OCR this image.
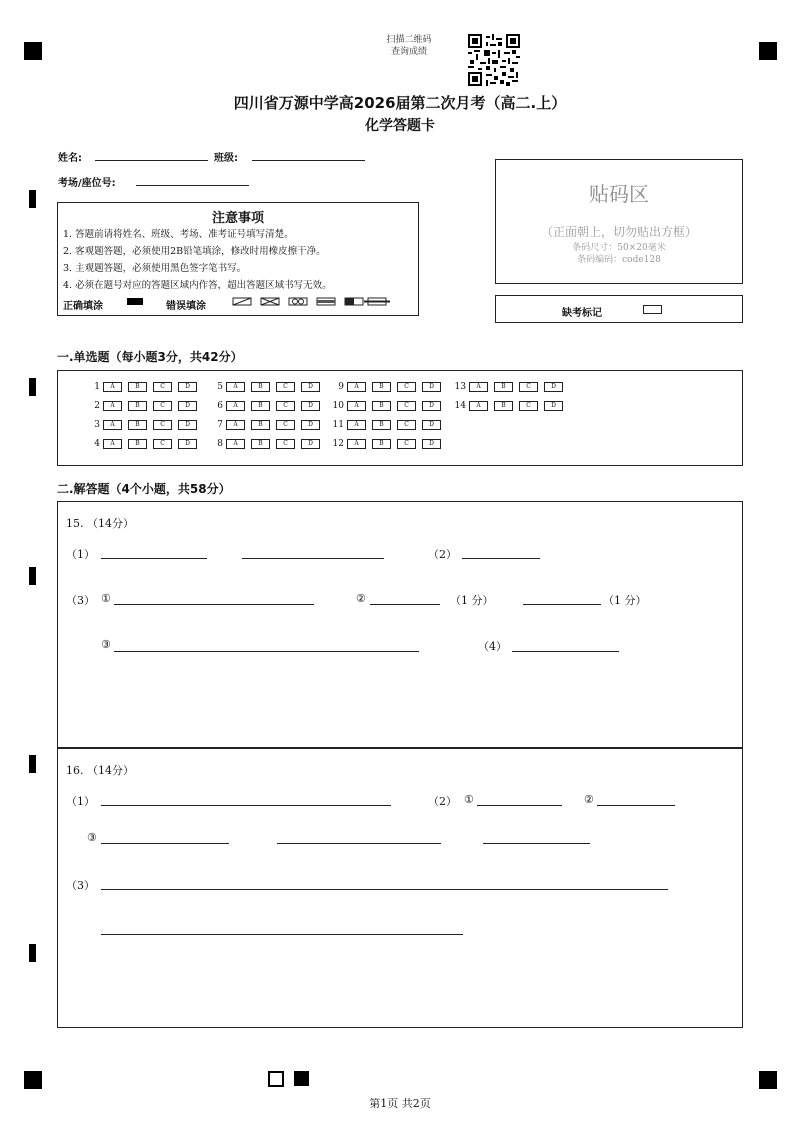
扫描二维码
查询成绩
四川省万源中学高2026届第二次月考（高二.上）
化学答题卡
姓名:	班级:
考场/座位号:
注意事项
1. 答题前请将姓名、班级、考场、准考证号填写清楚。
2. 客观题答题，必须使用2B铅笔填涂，修改时用橡皮擦干净。
3. 主观题答题，必须使用黑色签字笔书写。
4. 必须在题号对应的答题区域内作答，超出答题区域书写无效。
正确填涂	错误填涂
贴码区
（正面朝上，切勿贴出方框）
条码尺寸：50×20毫米
条码编码：code128
缺考标记
一.单选题（每小题3分，共42分）
1	A	B	C	D
2	A	B	C	D
3	A	B	C	D
4	A	B	C	D
5	A	B	C	D
6	A	B	C	D
7	A	B	C	D
8	A	B	C	D
9	A	B	C	D
10	A	B	C	D
11	A	B	C	D
12	A	B	C	D
13	A	B	C	D
14	A	B	C	D
二.解答题（4个小题，共58分）
15. （14分）
（1）	（2）
（3） ①	②	（1 分）	（1 分）
③	（4）
16. （14分）
（1）	（2） ①	②
③
（3）
第1页 共2页
